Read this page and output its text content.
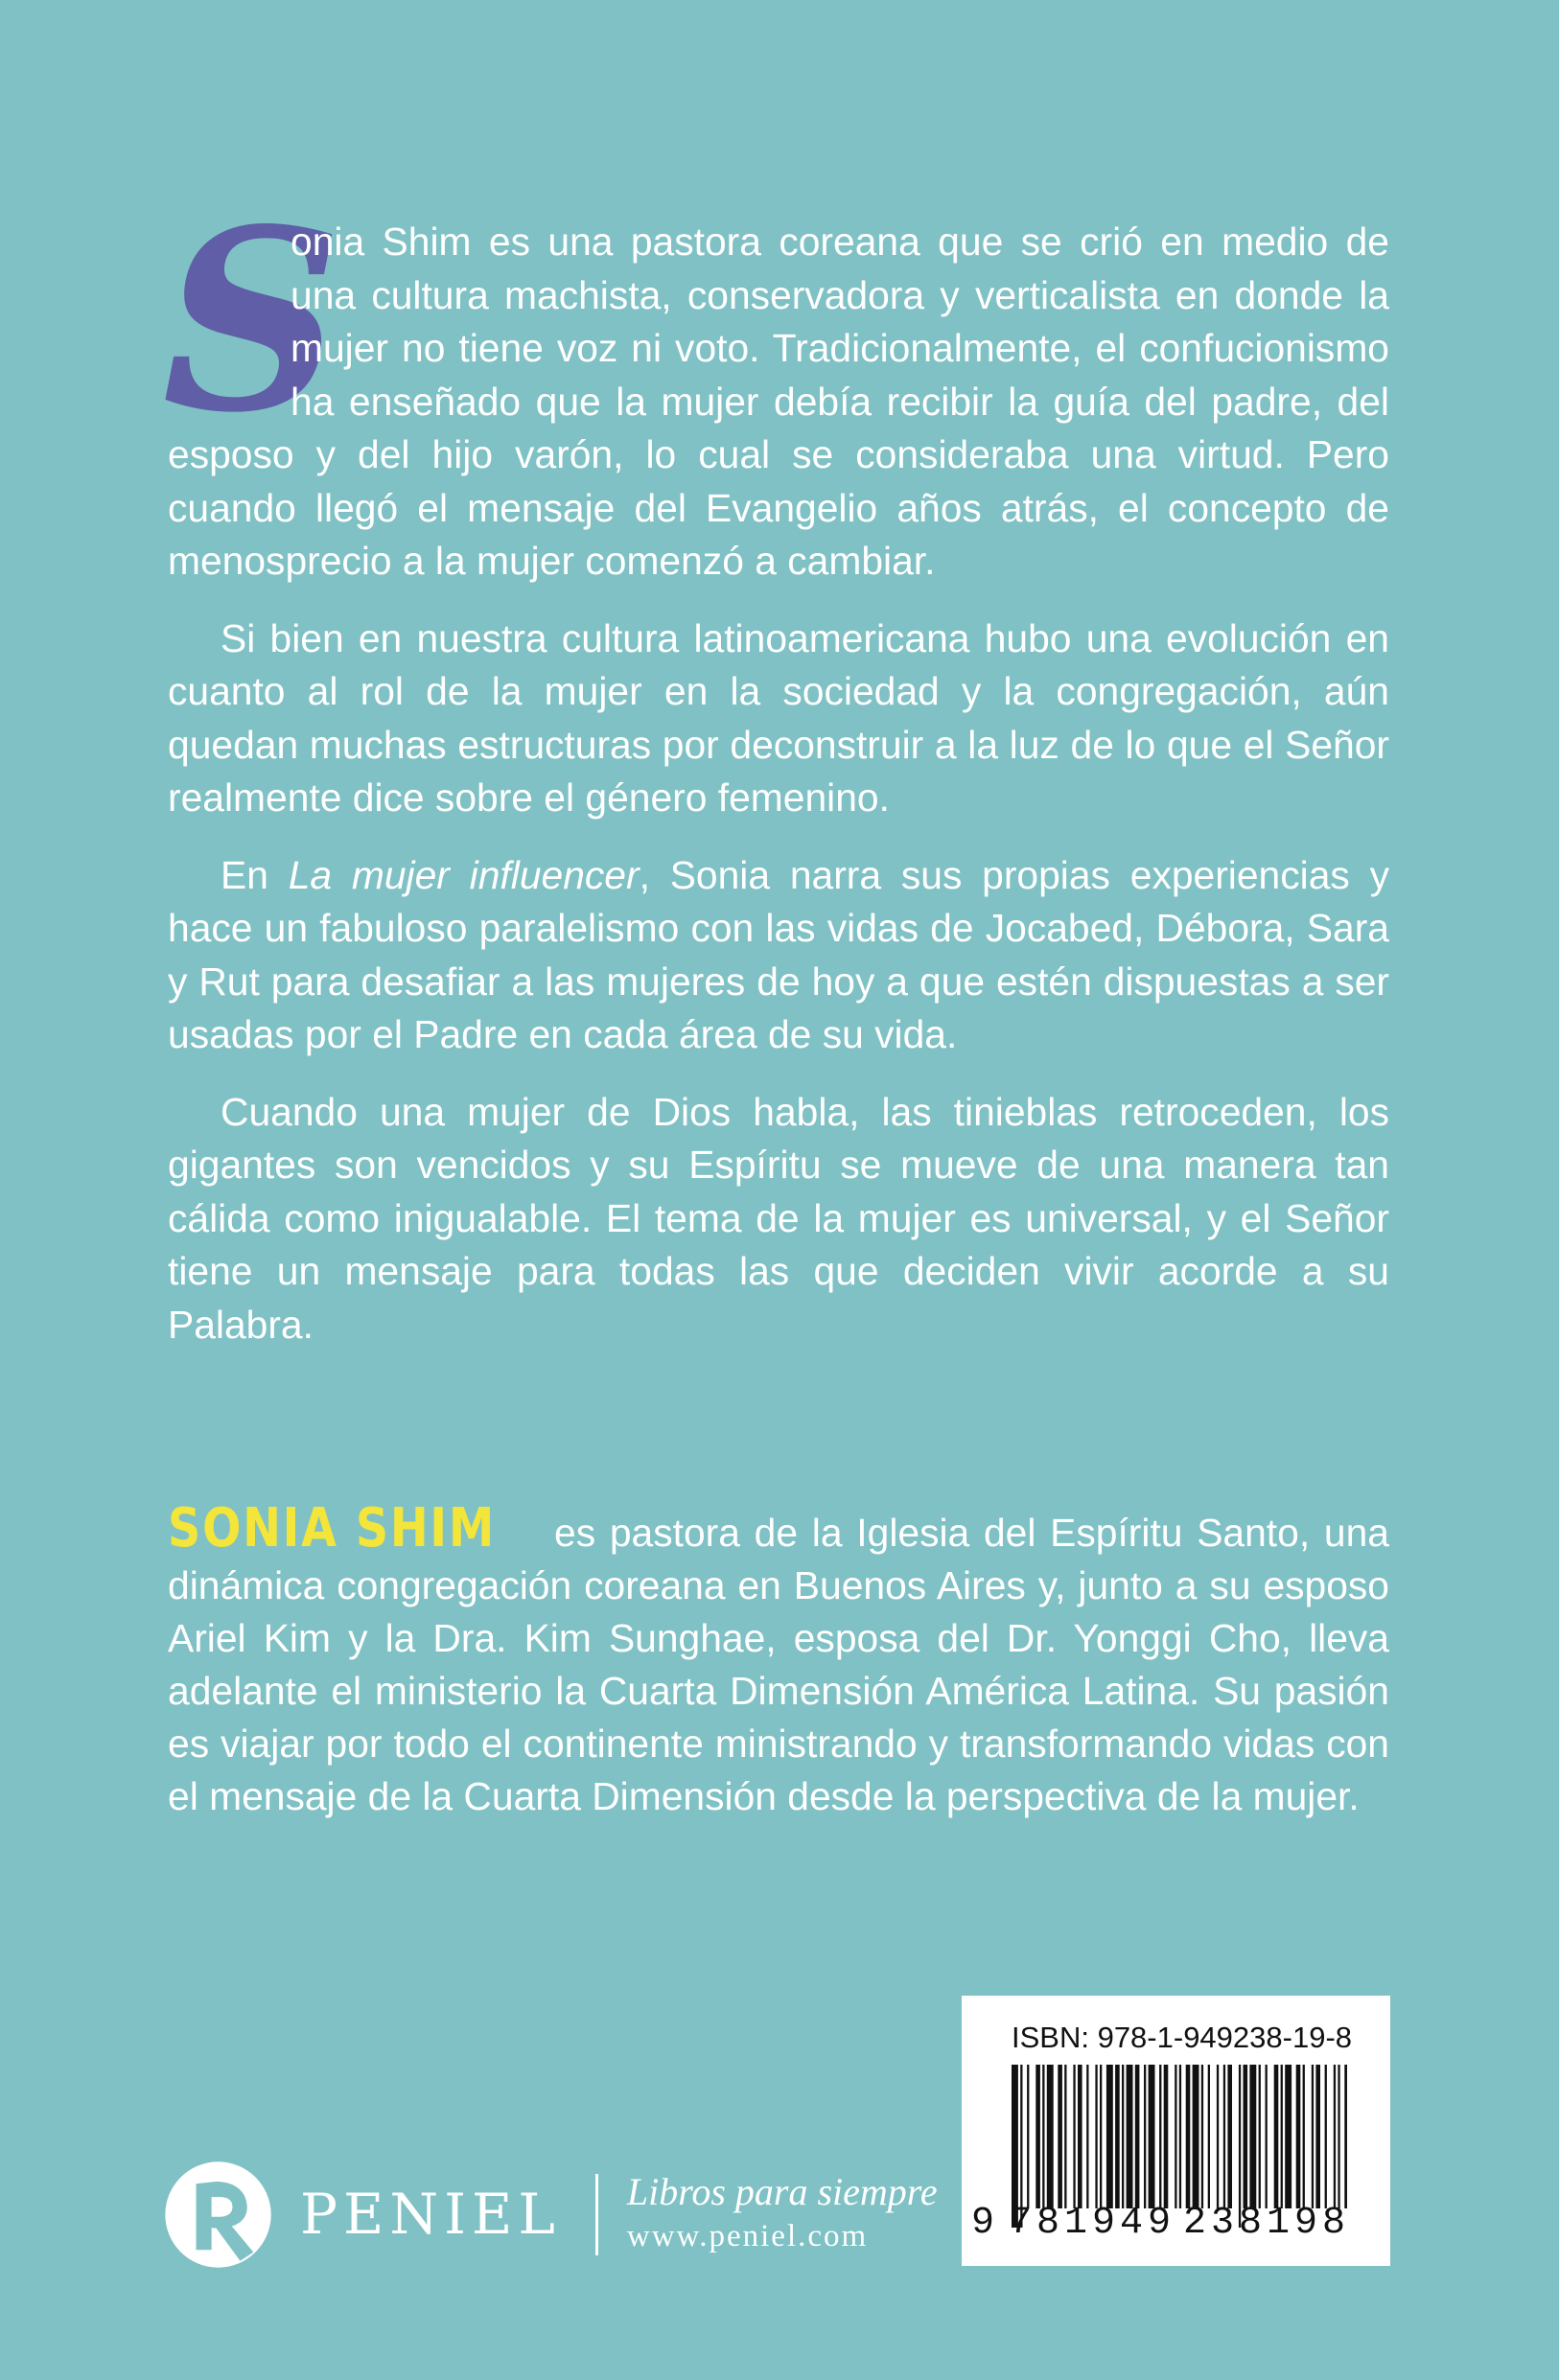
S
onia Shim es una pastora coreana que se crió en medio de una cultura machista, conservadora y verticalista en donde la mujer no tiene voz ni voto. Tradicionalmente, el confucionismo ha enseñado que la mujer debía recibir la guía del padre, del esposo y del hijo varón, lo cual se consideraba una virtud. Pero cuando llegó el mensaje del Evangelio años atrás, el concepto de menosprecio a la mujer comenzó a cambiar.

Si bien en nuestra cultura latinoamericana hubo una evolución en cuanto al rol de la mujer en la sociedad y la congregación, aún quedan muchas estructuras por deconstruir a la luz de lo que el Señor realmente dice sobre el género femenino.

En La mujer influencer, Sonia narra sus propias experiencias y hace un fabuloso paralelismo con las vidas de Jocabed, Débora, Sara y Rut para desafiar a las mujeres de hoy a que estén dispuestas a ser usadas por el Padre en cada área de su vida.

Cuando una mujer de Dios habla, las tinieblas retroceden, los gigantes son vencidos y su Espíritu se mueve de una manera tan cálida como inigualable. El tema de la mujer es universal, y el Señor tiene un mensaje para todas las que deciden vivir acorde a su Palabra.

SONIA SHIM es pastora de la Iglesia del Espíritu Santo, una dinámica congregación coreana en Buenos Aires y, junto a su esposo Ariel Kim y la Dra. Kim Sunghae, esposa del Dr. Yonggi Cho, lleva adelante el ministerio la Cuarta Dimensión América Latina. Su pasión es viajar por todo el continente ministrando y transformando vidas con el mensaje de la Cuarta Dimensión desde la perspectiva de la mujer.
PENIEL Libros para siempre
www.peniel.com
ISBN: 978-1-949238-19-8
9 781949 238198
